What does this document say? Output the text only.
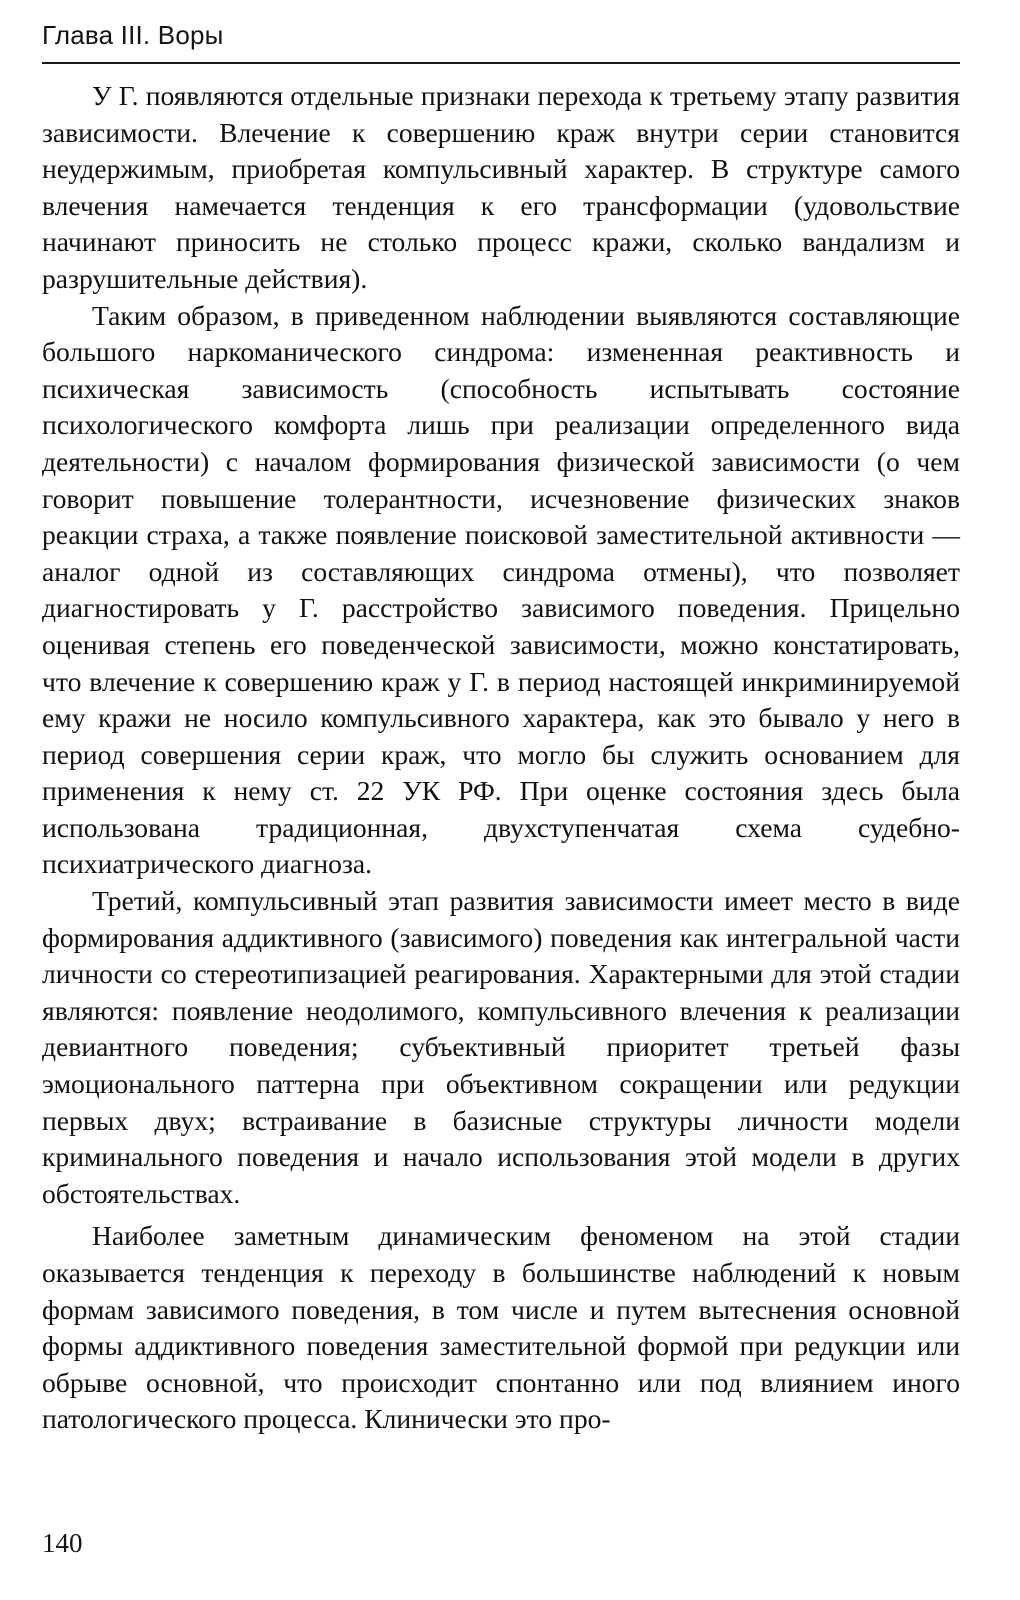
Глава III. Воры

У Г. появляются отдельные признаки перехода к третьему этапу развития зависимости. Влечение к совершению краж внутри серии становится неудержимым, приобретая компульсивный характер. В структуре самого влечения намечается тенденция к его трансформации (удовольствие начинают приносить не столько процесс кражи, сколько вандализм и разрушительные действия).

Таким образом, в приведенном наблюдении выявляются составляющие большого наркоманического синдрома: измененная реактивность и психическая зависимость (способность испытывать состояние психологического комфорта лишь при реализации определенного вида деятельности) с началом формирования физической зависимости (о чем говорит повышение толерантности, исчезновение физических знаков реакции страха, а также появление поисковой заместительной активности — аналог одной из составляющих синдрома отмены), что позволяет диагностировать у Г. расстройство зависимого поведения. Прицельно оценивая степень его поведенческой зависимости, можно констатировать, что влечение к совершению краж у Г. в период настоящей инкриминируемой ему кражи не носило компульсивного характера, как это бывало у него в период совершения серии краж, что могло бы служить основанием для применения к нему ст. 22 УК РФ. При оценке состояния здесь была использована традиционная, двухступенчатая схема судебно-психиатрического диагноза.

Третий, компульсивный этап развития зависимости имеет место в виде формирования аддиктивного (зависимого) поведения как интегральной части личности со стереотипизацией реагирования. Характерными для этой стадии являются: появление неодолимого, компульсивного влечения к реализации девиантного поведения; субъективный приоритет третьей фазы эмоционального паттерна при объективном сокращении или редукции первых двух; встраивание в базисные структуры личности модели криминального поведения и начало использования этой модели в других обстоятельствах.

Наиболее заметным динамическим феноменом на этой стадии оказывается тенденция к переходу в большинстве наблюдений к новым формам зависимого поведения, в том числе и путем вытеснения основной формы аддиктивного поведения заместительной формой при редукции или обрыве основной, что происходит спонтанно или под влиянием иного патологического процесса. Клинически это про-

140
